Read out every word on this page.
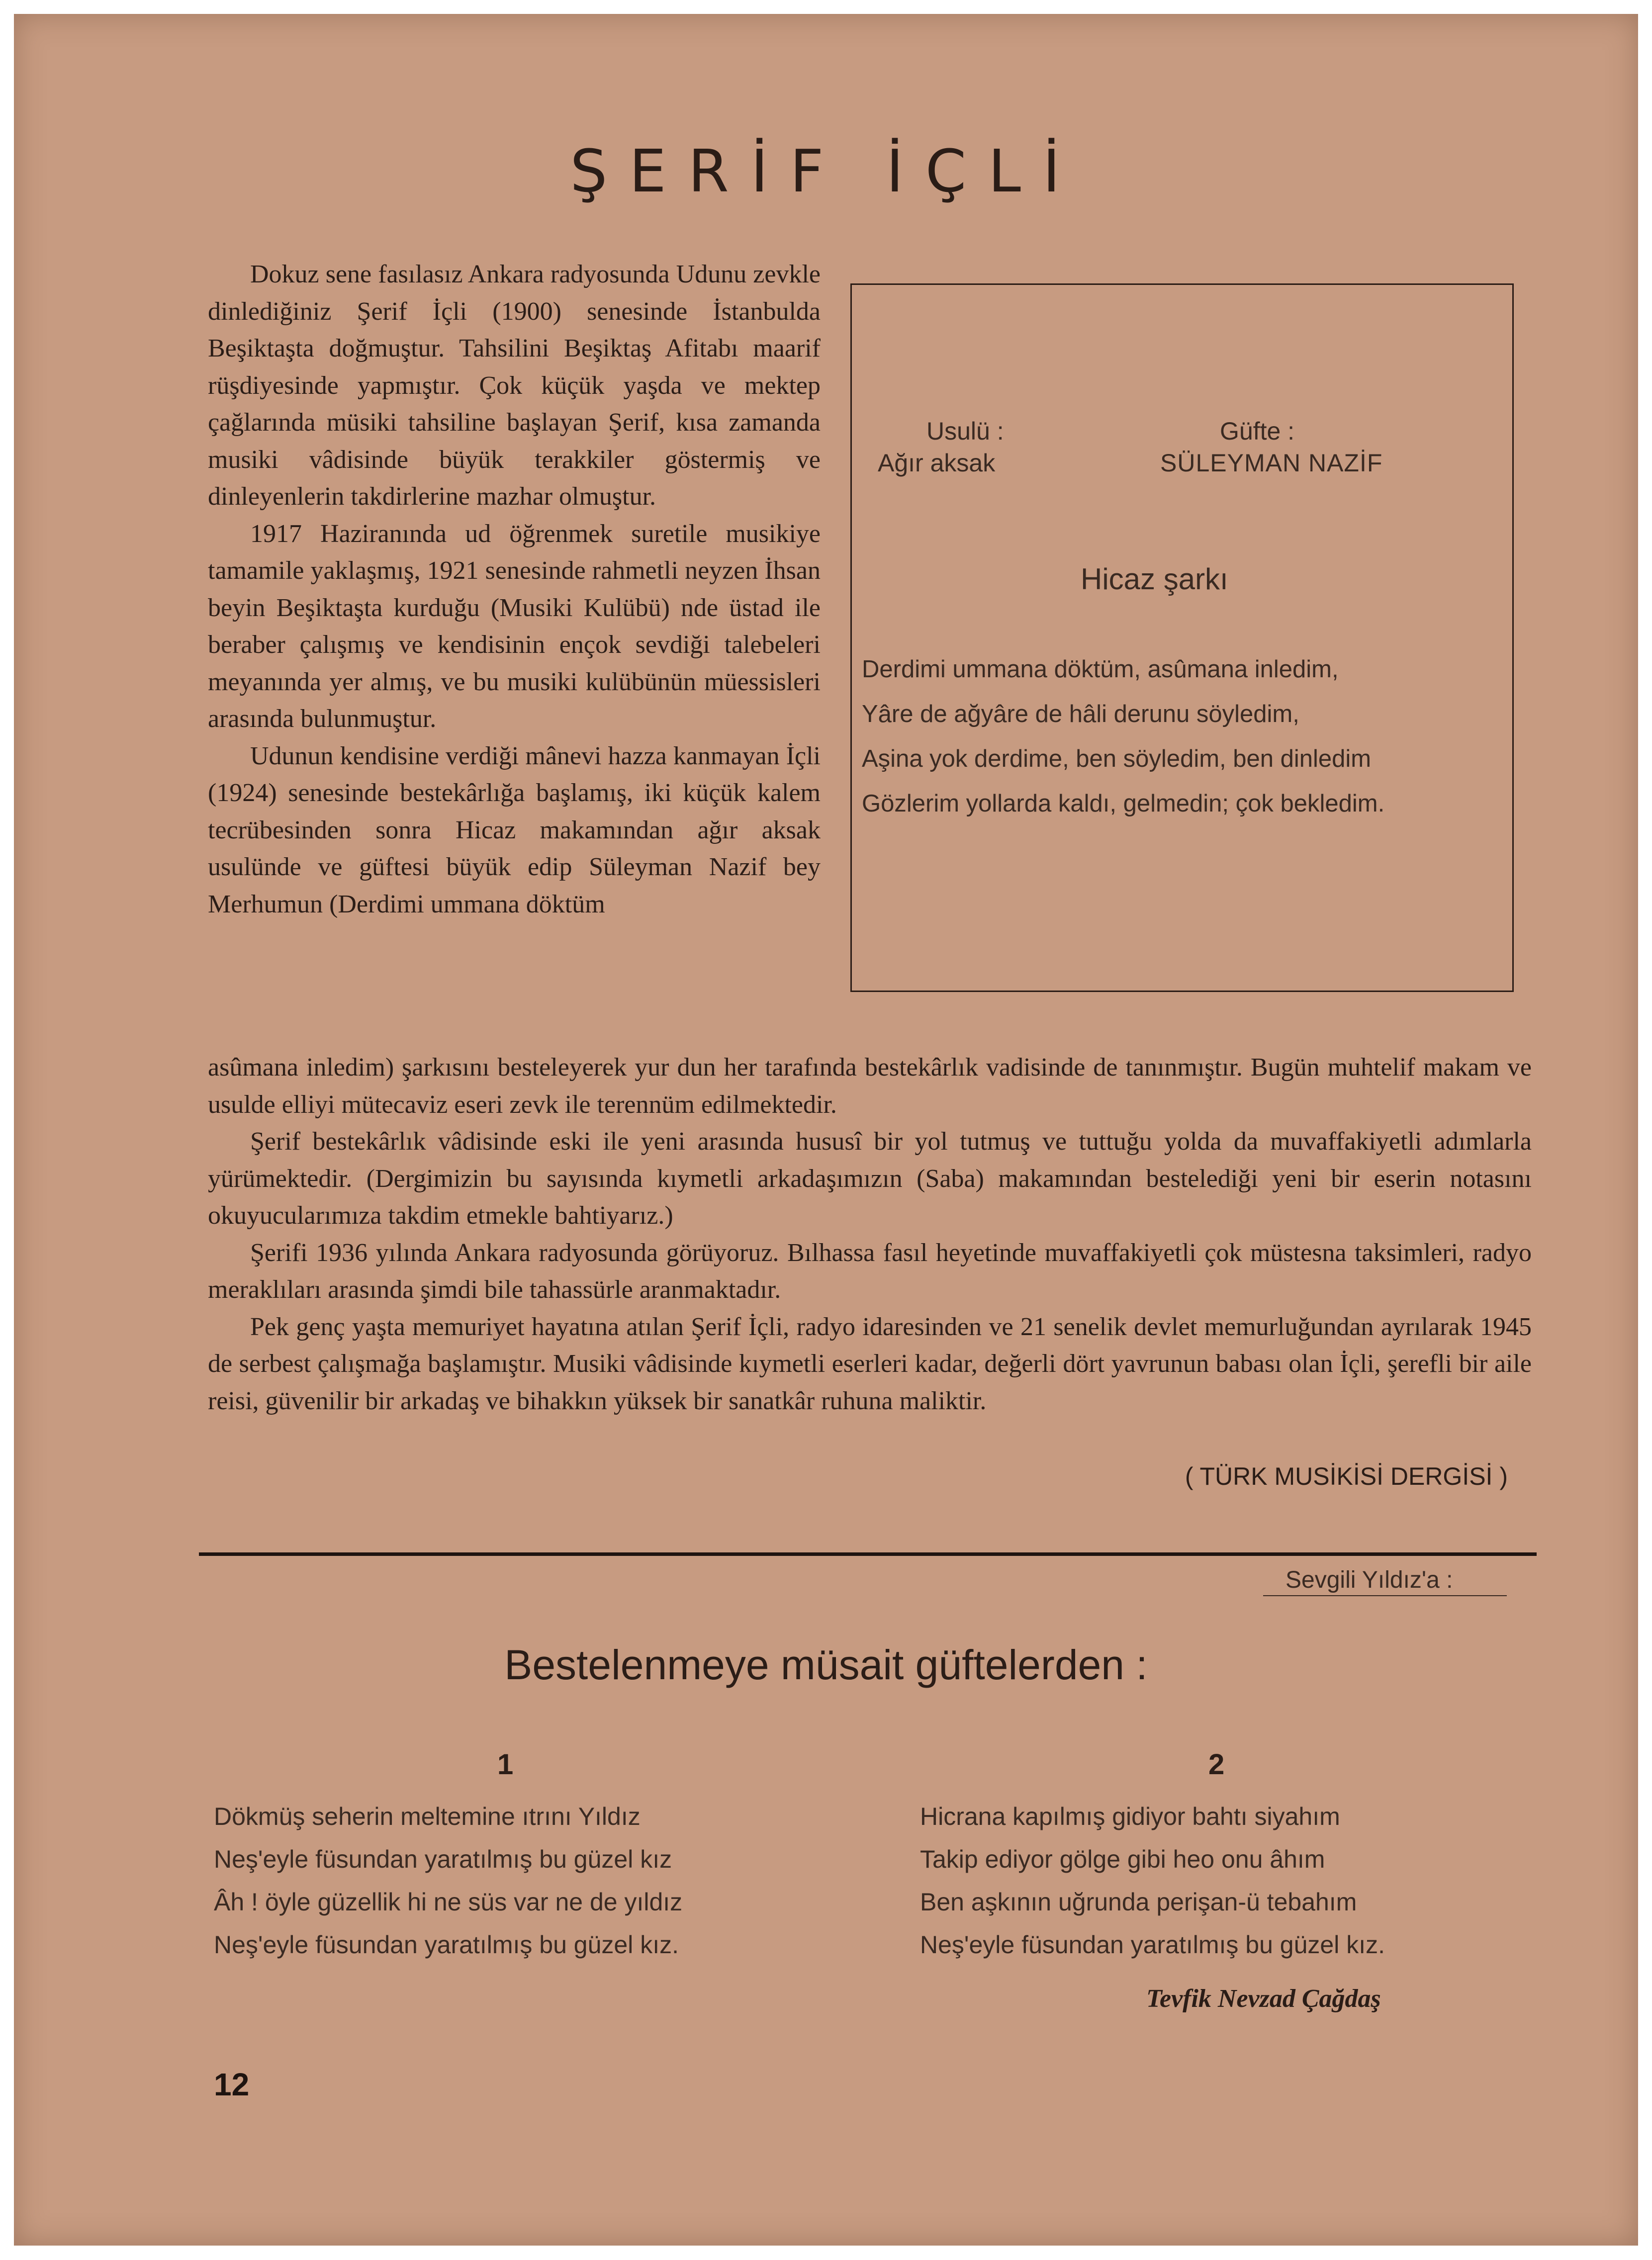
ŞERİF İÇLİ

Dokuz sene fasılasız Ankara radyosunda Udunu zevkle dinlediğiniz Şerif İçli (1900) senesinde İstanbulda Beşiktaşta doğmuştur. Tahsilini Beşiktaş Afitabı maarif rüşdiyesinde yapmıştır. Çok küçük yaşda ve mektep çağlarında müsiki tahsiline başlayan Şerif, kısa zamanda musiki vâdisinde büyük terakkiler göstermiş ve dinleyenlerin takdirlerine mazhar olmuştur.

1917 Haziranında ud öğrenmek suretile musikiye tamamile yaklaşmış, 1921 senesinde rahmetli neyzen İhsan beyin Beşiktaşta kurduğu (Musiki Kulübü) nde üstad ile beraber çalışmış ve kendisinin ençok sevdiği talebeleri meyanında yer almış, ve bu musiki kulübünün müessisleri arasında bulunmuştur.

Udunun kendisine verdiği mânevi hazza kanmayan İçli (1924) senesinde bestekârlığa başlamış, iki küçük kalem tecrübesinden sonra Hicaz makamından ağır aksak usulünde ve güftesi büyük edip Süleyman Nazif bey Merhumun (Derdimi ummana döktüm

Usulü :
Ağır aksak
Güfte :
SÜLEYMAN NAZİF
Hicaz şarkı
Derdimi ummana döktüm, asûmana inledim,
Yâre de ağyâre de hâli derunu söyledim,
Aşina yok derdime, ben söyledim, ben dinledim
Gözlerim yollarda kaldı, gelmedin; çok bekledim.

asûmana inledim) şarkısını besteleyerek yur dun her tarafında bestekârlık vadisinde de tanınmıştır. Bugün muhtelif makam ve usulde elliyi mütecaviz eseri zevk ile terennüm edilmektedir.

Şerif bestekârlık vâdisinde eski ile yeni arasında hususî bir yol tutmuş ve tuttuğu yolda da muvaffakiyetli adımlarla yürümektedir. (Dergimizin bu sayısında kıymetli arkadaşımızın (Saba) makamından bestelediği yeni bir eserin notasını okuyucularımıza takdim etmekle bahtiyarız.)

Şerifi 1936 yılında Ankara radyosunda görüyoruz. Bılhassa fasıl heyetinde muvaffakiyetli çok müstesna taksimleri, radyo meraklıları arasında şimdi bile tahassürle aranmaktadır.

Pek genç yaşta memuriyet hayatına atılan Şerif İçli, radyo idaresinden ve 21 senelik devlet memurluğundan ayrılarak 1945 de serbest çalışmağa başlamıştır. Musiki vâdisinde kıymetli eserleri kadar, değerli dört yavrunun babası olan İçli, şerefli bir aile reisi, güvenilir bir arkadaş ve bihakkın yüksek bir sanatkâr ruhuna maliktir.

( TÜRK MUSİKİSİ DERGİSİ )
Sevgili Yıldız'a :
Bestelenmeye müsait güftelerden :
1	2
Dökmüş seherin meltemine ıtrını Yıldız
Neş'eyle füsundan yaratılmış bu güzel kız
Âh ! öyle güzellik hi ne süs var ne de yıldız
Neş'eyle füsundan yaratılmış bu güzel kız.
Hicrana kapılmış gidiyor bahtı siyahım
Takip ediyor gölge gibi heo onu âhım
Ben aşkının uğrunda perişan-ü tebahım
Neş'eyle füsundan yaratılmış bu güzel kız.
Tevfik Nevzad Çağdaş
12
